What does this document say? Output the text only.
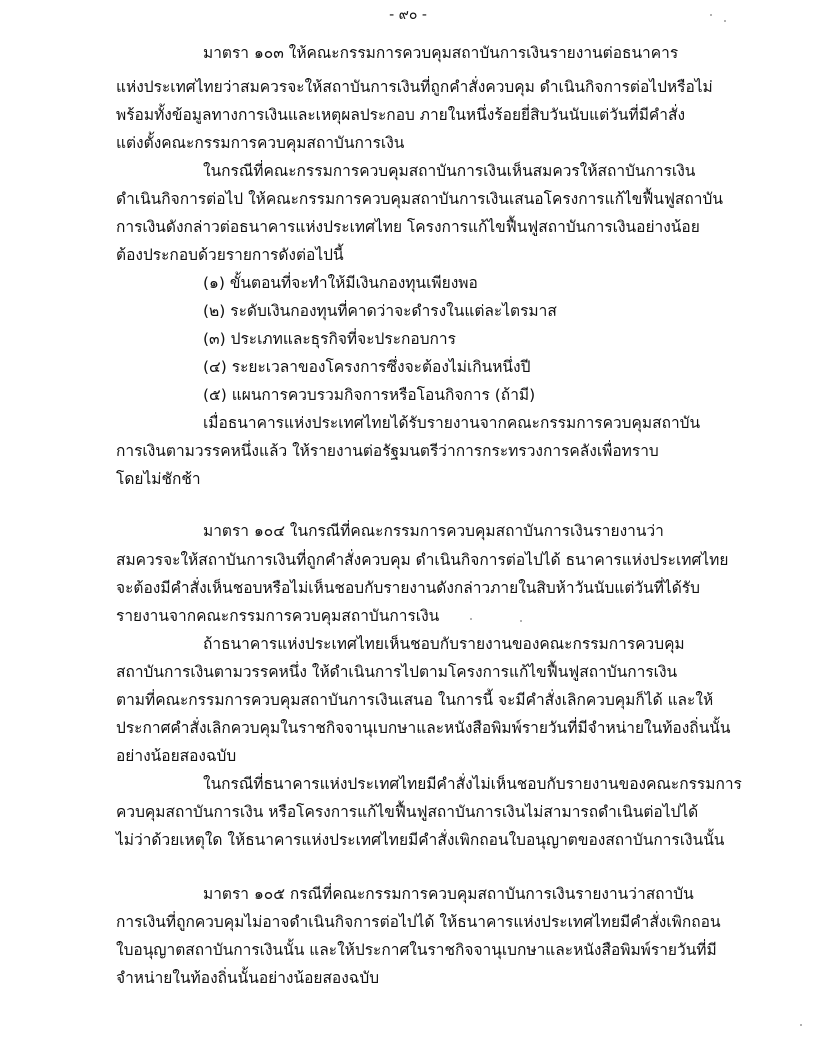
- ๙๐ -
มาตรา ๑๐๓ ให้คณะกรรมการควบคุมสถาบันการเงินรายงานต่อธนาคาร
แห่งประเทศไทยว่าสมควรจะให้สถาบันการเงินที่ถูกคำสั่งควบคุม ดำเนินกิจการต่อไปหรือไม่
พร้อมทั้งข้อมูลทางการเงินและเหตุผลประกอบ ภายในหนึ่งร้อยยี่สิบวันนับแต่วันที่มีคำสั่ง
แต่งตั้งคณะกรรมการควบคุมสถาบันการเงิน
ในกรณีที่คณะกรรมการควบคุมสถาบันการเงินเห็นสมควรให้สถาบันการเงิน
ดำเนินกิจการต่อไป ให้คณะกรรมการควบคุมสถาบันการเงินเสนอโครงการแก้ไขฟื้นฟูสถาบัน
การเงินดังกล่าวต่อธนาคารแห่งประเทศไทย โครงการแก้ไขฟื้นฟูสถาบันการเงินอย่างน้อย
ต้องประกอบด้วยรายการดังต่อไปนี้
(๑) ขั้นตอนที่จะทำให้มีเงินกองทุนเพียงพอ
(๒) ระดับเงินกองทุนที่คาดว่าจะดำรงในแต่ละไตรมาส
(๓) ประเภทและธุรกิจที่จะประกอบการ
(๔) ระยะเวลาของโครงการซึ่งจะต้องไม่เกินหนึ่งปี
(๕) แผนการควบรวมกิจการหรือโอนกิจการ (ถ้ามี)
เมื่อธนาคารแห่งประเทศไทยได้รับรายงานจากคณะกรรมการควบคุมสถาบัน
การเงินตามวรรคหนึ่งแล้ว ให้รายงานต่อรัฐมนตรีว่าการกระทรวงการคลังเพื่อทราบ
โดยไม่ชักช้า
มาตรา ๑๐๔ ในกรณีที่คณะกรรมการควบคุมสถาบันการเงินรายงานว่า
สมควรจะให้สถาบันการเงินที่ถูกคำสั่งควบคุม ดำเนินกิจการต่อไปได้ ธนาคารแห่งประเทศไทย
จะต้องมีคำสั่งเห็นชอบหรือไม่เห็นชอบกับรายงานดังกล่าวภายในสิบห้าวันนับแต่วันที่ได้รับ
รายงานจากคณะกรรมการควบคุมสถาบันการเงิน
ถ้าธนาคารแห่งประเทศไทยเห็นชอบกับรายงานของคณะกรรมการควบคุม
สถาบันการเงินตามวรรคหนึ่ง ให้ดำเนินการไปตามโครงการแก้ไขฟื้นฟูสถาบันการเงิน
ตามที่คณะกรรมการควบคุมสถาบันการเงินเสนอ ในการนี้ จะมีคำสั่งเลิกควบคุมก็ได้ และให้
ประกาศคำสั่งเลิกควบคุมในราชกิจจานุเบกษาและหนังสือพิมพ์รายวันที่มีจำหน่ายในท้องถิ่นนั้น
อย่างน้อยสองฉบับ
ในกรณีที่ธนาคารแห่งประเทศไทยมีคำสั่งไม่เห็นชอบกับรายงานของคณะกรรมการ
ควบคุมสถาบันการเงิน หรือโครงการแก้ไขฟื้นฟูสถาบันการเงินไม่สามารถดำเนินต่อไปได้
ไม่ว่าด้วยเหตุใด ให้ธนาคารแห่งประเทศไทยมีคำสั่งเพิกถอนใบอนุญาตของสถาบันการเงินนั้น
มาตรา ๑๐๕ กรณีที่คณะกรรมการควบคุมสถาบันการเงินรายงานว่าสถาบัน
การเงินที่ถูกควบคุมไม่อาจดำเนินกิจการต่อไปได้ ให้ธนาคารแห่งประเทศไทยมีคำสั่งเพิกถอน
ใบอนุญาตสถาบันการเงินนั้น และให้ประกาศในราชกิจจานุเบกษาและหนังสือพิมพ์รายวันที่มี
จำหน่ายในท้องถิ่นนั้นอย่างน้อยสองฉบับ
